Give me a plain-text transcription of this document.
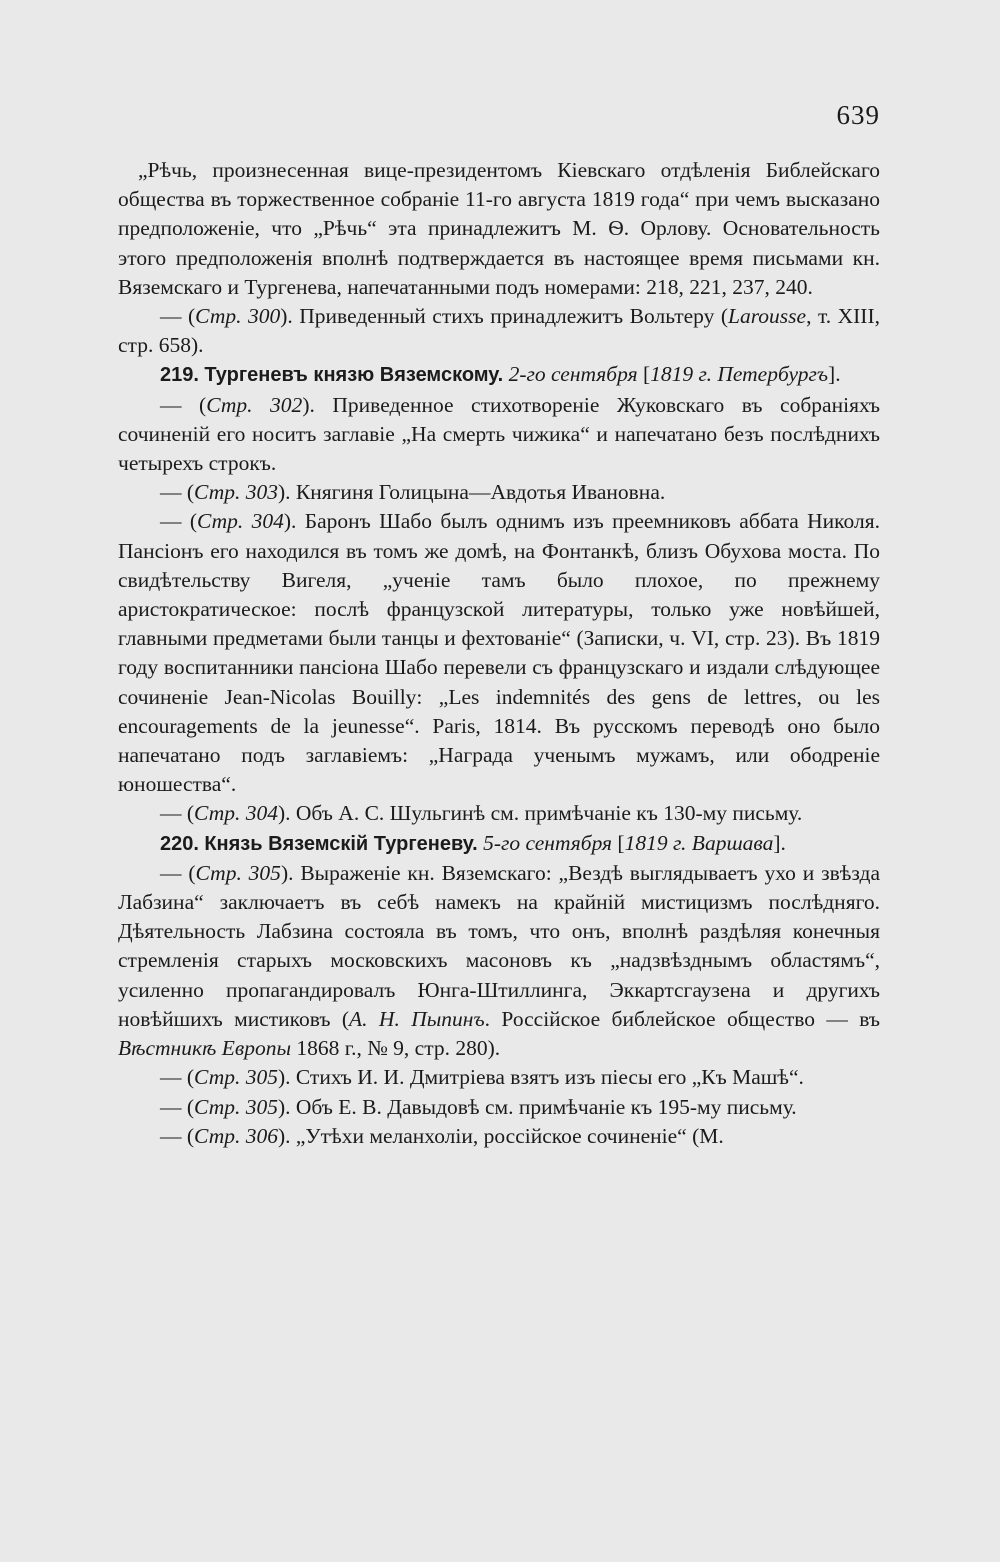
639

„Рѣчь, произнесенная вице-президентомъ Кіевскаго отдѣленія Библейскаго общества въ торжественное собраніе 11-го августа 1819 года“ при чемъ высказано предположеніе, что „Рѣчь“ эта принадлежитъ М. Ѳ. Орлову. Основательность этого предположенія вполнѣ подтверждается въ настоящее время письмами кн. Вяземскаго и Тургенева, напечатанными подъ номерами: 218, 221, 237, 240.

— (Стр. 300). Приведенный стихъ принадлежитъ Вольтеру (Larousse, т. XIII, стр. 658).

219. Тургеневъ князю Вяземскому. 2-го сентября [1819 г. Петербургъ].

— (Стр. 302). Приведенное стихотвореніе Жуковскаго въ собраніяхъ сочиненій его носитъ заглавіе „На смерть чижика“ и напечатано безъ послѣднихъ четырехъ строкъ.

— (Стр. 303). Княгиня Голицына—Авдотья Ивановна.

— (Стр. 304). Баронъ Шабо былъ однимъ изъ преемниковъ аббата Николя. Пансіонъ его находился въ томъ же домѣ, на Фонтанкѣ, близъ Обухова моста. По свидѣтельству Вигеля, „ученіе тамъ было плохое, по прежнему аристократическое: послѣ французской литературы, только уже новѣйшей, главными предметами были танцы и фехтованіе“ (Записки, ч. VI, стр. 23). Въ 1819 году воспитанники пансіона Шабо перевели съ французскаго и издали слѣдующее сочиненіе Jean-Nicolas Bouilly: „Les indemnités des gens de lettres, ou les encouragements de la jeunesse“. Paris, 1814. Въ русскомъ переводѣ оно было напечатано подъ заглавіемъ: „Награда ученымъ мужамъ, или ободреніе юношества“.

— (Стр. 304). Объ А. С. Шульгинѣ см. примѣчаніе къ 130-му письму.

220. Князь Вяземскій Тургеневу. 5-го сентября [1819 г. Варшава].

— (Стр. 305). Выраженіе кн. Вяземскаго: „Вездѣ выглядываетъ ухо и звѣзда Лабзина“ заключаетъ въ себѣ намекъ на крайній мистицизмъ послѣдняго. Дѣятельность Лабзина состояла въ томъ, что онъ, вполнѣ раздѣляя конечныя стремленія старыхъ московскихъ масоновъ къ „надзвѣзднымъ областямъ“, усиленно пропагандировалъ Юнга-Штиллинга, Эккартсгаузена и другихъ новѣйшихъ мистиковъ (А. Н. Пыпинъ. Россійское библейское общество — въ Вѣстникѣ Европы 1868 г., № 9, стр. 280).

— (Стр. 305). Стихъ И. И. Дмитріева взятъ изъ піесы его „Къ Машѣ“.

— (Стр. 305). Объ Е. В. Давыдовѣ см. примѣчаніе къ 195-му письму.

— (Стр. 306). „Утѣхи меланхоліи, россійское сочиненіе“ (М.
